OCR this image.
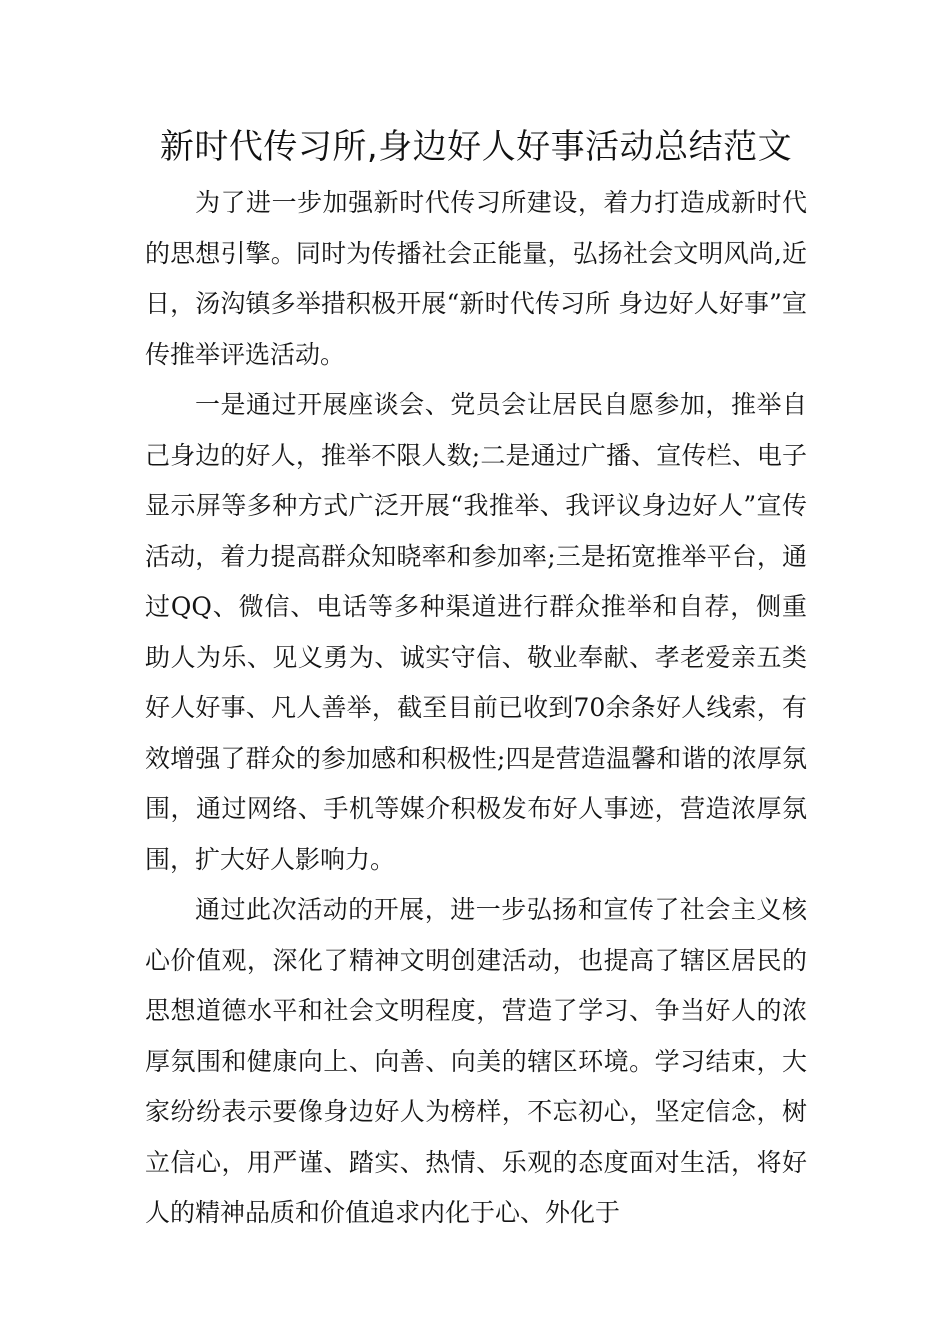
新时代传习所,身边好人好事活动总结范文

为了进一步加强新时代传习所建设，着力打造成新时代的思想引擎。同时为传播社会正能量，弘扬社会文明风尚,近日，汤沟镇多举措积极开展“新时代传习所 身边好人好事”宣传推举评选活动。

一是通过开展座谈会、党员会让居民自愿参加，推举自己身边的好人，推举不限人数;二是通过广播、宣传栏、电子显示屏等多种方式广泛开展“我推举、我评议身边好人”宣传活动，着力提高群众知晓率和参加率;三是拓宽推举平台，通过QQ、微信、电话等多种渠道进行群众推举和自荐，侧重助人为乐、见义勇为、诚实守信、敬业奉献、孝老爱亲五类好人好事、凡人善举，截至目前已收到70余条好人线索，有效增强了群众的参加感和积极性;四是营造温馨和谐的浓厚氛围，通过网络、手机等媒介积极发布好人事迹，营造浓厚氛围，扩大好人影响力。

通过此次活动的开展，进一步弘扬和宣传了社会主义核心价值观，深化了精神文明创建活动，也提高了辖区居民的思想道德水平和社会文明程度，营造了学习、争当好人的浓厚氛围和健康向上、向善、向美的辖区环境。学习结束，大家纷纷表示要像身边好人为榜样，不忘初心，坚定信念，树立信心，用严谨、踏实、热情、乐观的态度面对生活，将好人的精神品质和价值追求内化于心、外化于
